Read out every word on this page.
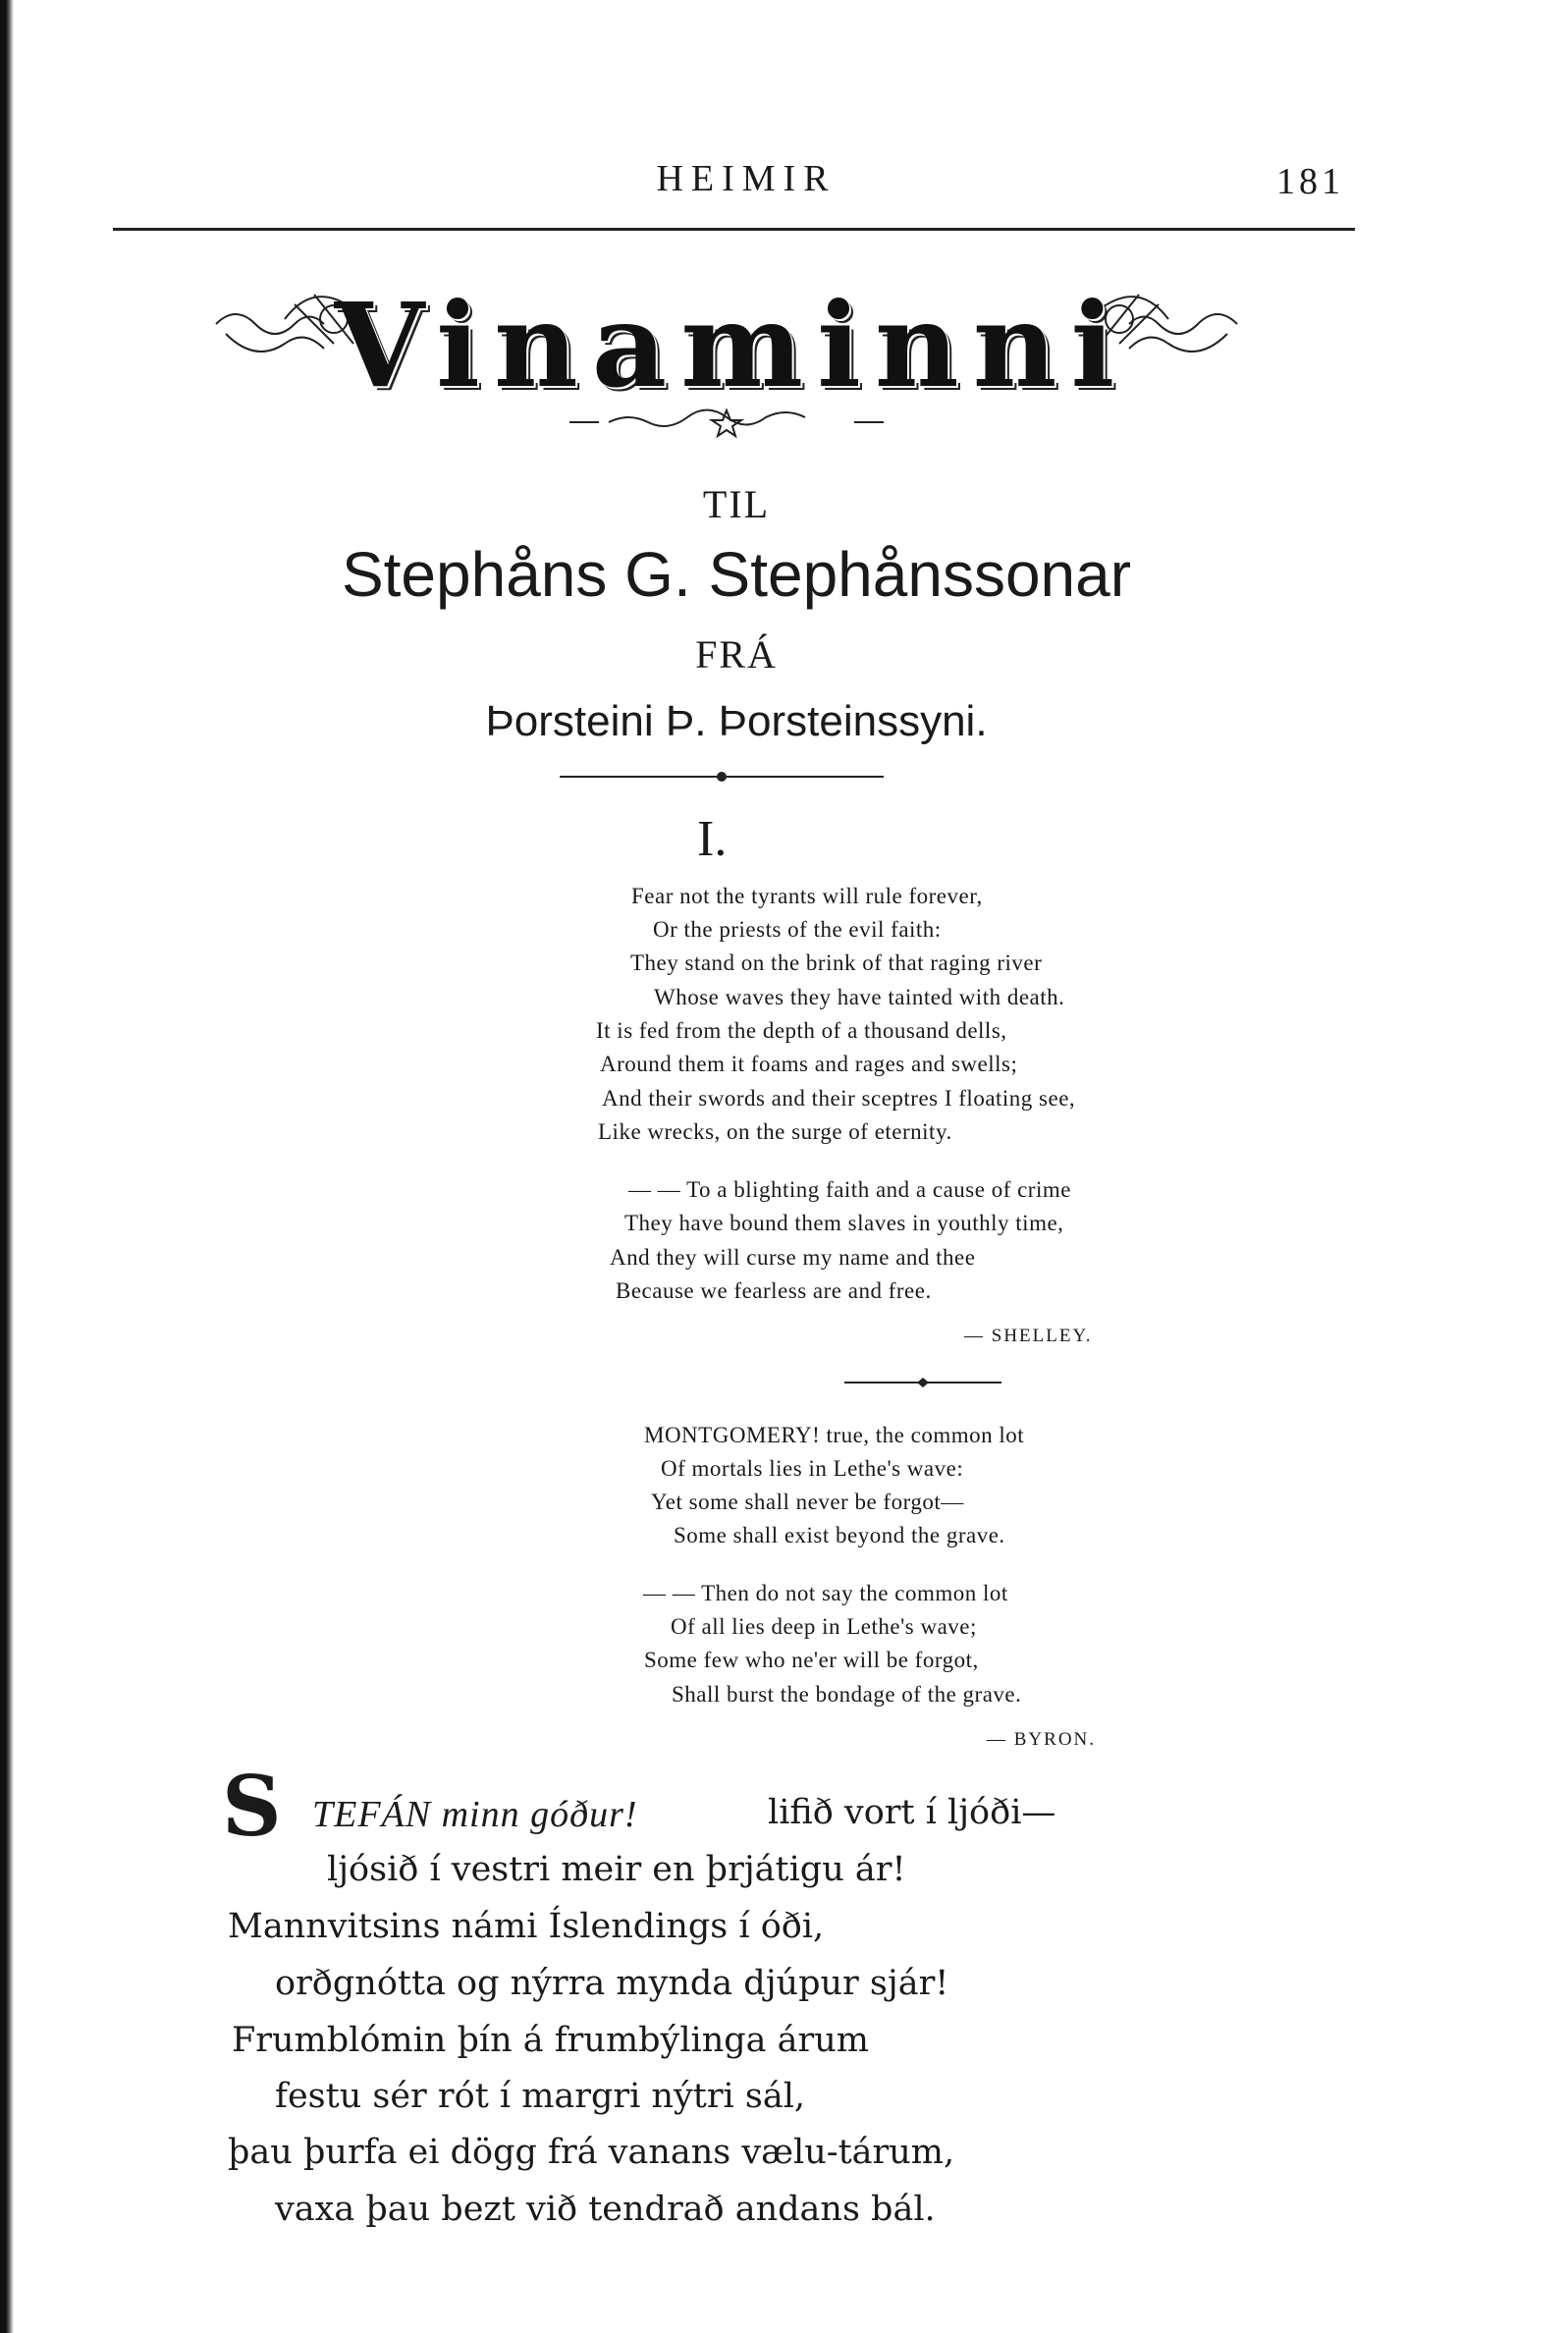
HEIMIR	181
Vinaminni
TIL
Stephåns G. Stephånssonar
FRÁ
Þorsteini Þ. Þorsteinssyni.
I.
Fear not the tyrants will rule forever,
Or the priests of the evil faith:
They stand on the brink of that raging river
Whose waves they have tainted with death.
It is fed from the depth of a thousand dells,
Around them it foams and rages and swells;
And their swords and their sceptres I floating see,
Like wrecks, on the surge of eternity.
— — To a blighting faith and a cause of crime
They have bound them slaves in youthly time,
And they will curse my name and thee
Because we fearless are and free.
— SHELLEY.
MONTGOMERY! true, the common lot
Of mortals lies in Lethe's wave:
Yet some shall never be forgot—
Some shall exist beyond the grave.
— — Then do not say the common lot
Of all lies deep in Lethe's wave;
Some few who ne'er will be forgot,
Shall burst the bondage of the grave.
— BYRON.
S TEFÁN minn góður!	lifið vort í ljóði—
ljósið í vestri meir en þrjátigu ár!
Mannvitsins námi Íslendings í óði,
orðgnótta og nýrra mynda djúpur sjár!
Frumblómin þín á frumbýlinga árum
festu sér rót í margri nýtri sál,
þau þurfa ei dögg frá vanans vælu-tárum,
vaxa þau bezt við tendrað andans bál.
